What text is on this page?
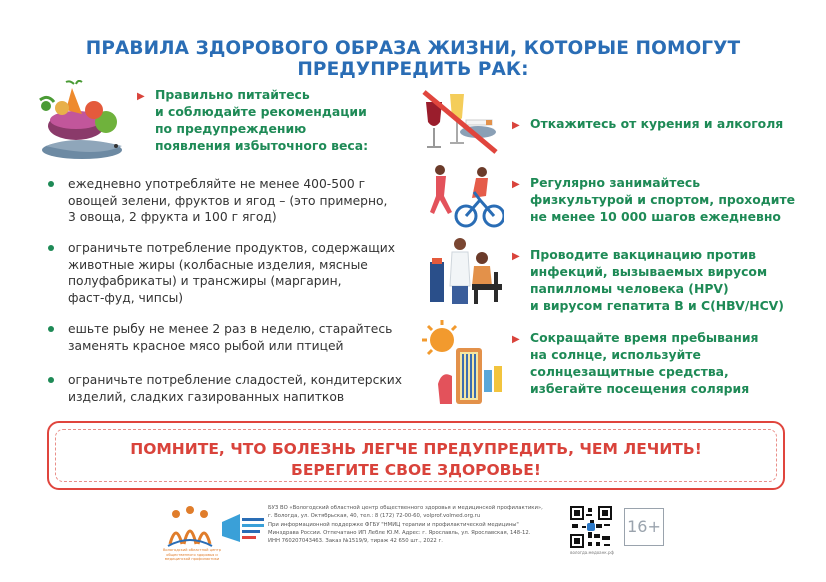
ПРАВИЛА ЗДОРОВОГО ОБРАЗА ЖИЗНИ, КОТОРЫЕ ПОМОГУТ ПРЕДУПРЕДИТЬ РАК:
▶ Правильно питайтесь
и соблюдайте рекомендации
по предупреждению
появления избыточного веса:
ежедневно употребляйте не менее 400-500 г
овощей зелени, фруктов и ягод – (это примерно,
3 овоща, 2 фрукта и 100 г ягод)
ограничьте потребление продуктов, содержащих
животные жиры (колбасные изделия, мясные
полуфабрикаты) и трансжиры (маргарин,
фаст-фуд, чипсы)
ешьте рыбу не менее 2 раз в неделю, старайтесь
заменять красное мясо рыбой или птицей
ограничьте потребление сладостей, кондитерских
изделий, сладких газированных напитков
▶ Откажитесь от курения и алкоголя
▶ Регулярно занимайтесь
физкультурой и спортом, проходите
не менее 10 000 шагов ежедневно
▶ Проводите вакцинацию против
инфекций, вызываемых вирусом
папилломы человека (HPV)
и вирусом гепатита В и С(HBV/HCV)
▶ Сокращайте время пребывания
на солнце, используйте
солнцезащитные средства,
избегайте посещения солярия
ПОМНИТЕ, ЧТО БОЛЕЗНЬ ЛЕГЧЕ ПРЕДУПРЕДИТЬ, ЧЕМ ЛЕЧИТЬ!
БЕРЕГИТЕ СВОЕ ЗДОРОВЬЕ!
Вологодский областной центр общественного здоровья и медицинской профилактики
БУЗ ВО «Вологодский областной центр общественного здоровья и медицинской профилактики»,
г. Вологда, ул. Октябрьская, 40, тел.: 8 (172) 72-00-60, volprof.volmed.org.ru
При информационной поддержке ФГБУ "НМИЦ терапии и профилактической медицины"
Минздрава России. Отпечатано ИП Лебле Ю.М. Адрес: г. Ярославль, ул. Ярославская, 148-12.
ИНН 760207043463. Заказ №1519/9, тираж 42 650 шт., 2022 г.
вологда.медоанк.рф
16+
